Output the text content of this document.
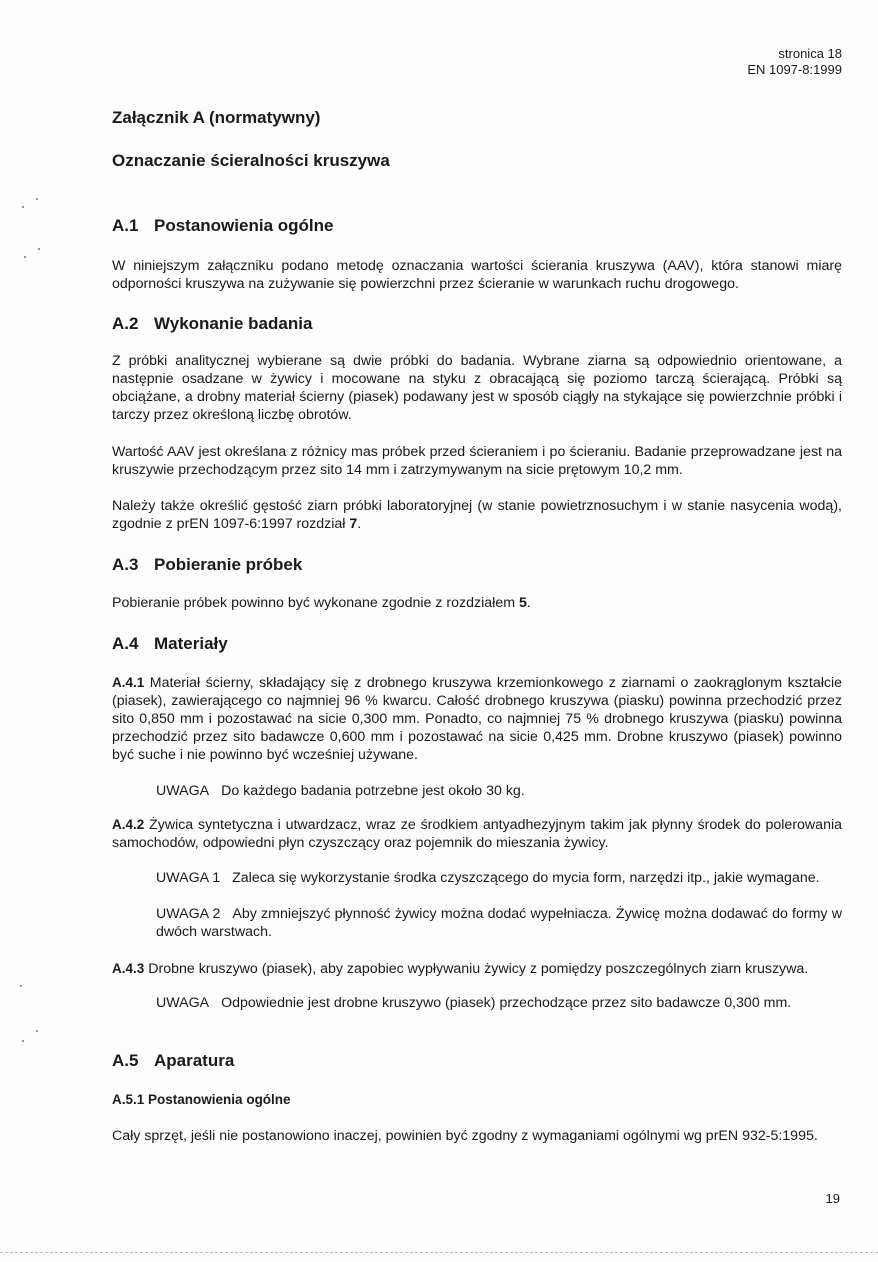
stronica 18
EN 1097-8:1999
Załącznik A (normatywny)
Oznaczanie ścieralności kruszywa
A.1 Postanowienia ogólne
W niniejszym załączniku podano metodę oznaczania wartości ścierania kruszywa (AAV), która stanowi miarę odporności kruszywa na zużywanie się powierzchni przez ścieranie w warunkach ruchu drogowego.
A.2 Wykonanie badania
Z próbki analitycznej wybierane są dwie próbki do badania. Wybrane ziarna są odpowiednio orientowane, a następnie osadzane w żywicy i mocowane na styku z obracającą się poziomo tarczą ścierającą. Próbki są obciążane, a drobny materiał ścierny (piasek) podawany jest w sposób ciągły na stykające się powierzchnie próbki i tarczy przez określoną liczbę obrotów.
Wartość AAV jest określana z różnicy mas próbek przed ścieraniem i po ścieraniu. Badanie przeprowadzane jest na kruszywie przechodzącym przez sito 14 mm i zatrzymywanym na sicie prętowym 10,2 mm.
Należy także określić gęstość ziarn próbki laboratoryjnej (w stanie powietrznosuchym i w stanie nasycenia wodą), zgodnie z prEN 1097-6:1997 rozdział 7.
A.3 Pobieranie próbek
Pobieranie próbek powinno być wykonane zgodnie z rozdziałem 5.
A.4 Materiały
A.4.1 Materiał ścierny, składający się z drobnego kruszywa krzemionkowego z ziarnami o zaokrąglonym kształcie (piasek), zawierającego co najmniej 96 % kwarcu. Całość drobnego kruszywa (piasku) powinna przechodzić przez sito 0,850 mm i pozostawać na sicie 0,300 mm. Ponadto, co najmniej 75 % drobnego kruszywa (piasku) powinna przechodzić przez sito badawcze 0,600 mm i pozostawać na sicie 0,425 mm. Drobne kruszywo (piasek) powinno być suche i nie powinno być wcześniej używane.
UWAGA Do każdego badania potrzebne jest około 30 kg.
A.4.2 Żywica syntetyczna i utwardzacz, wraz ze środkiem antyadhezyjnym takim jak płynny środek do polerowania samochodów, odpowiedni płyn czyszczący oraz pojemnik do mieszania żywicy.
UWAGA 1 Zaleca się wykorzystanie środka czyszczącego do mycia form, narzędzi itp., jakie wymagane.
UWAGA 2 Aby zmniejszyć płynność żywicy można dodać wypełniacza. Żywicę można dodawać do formy w dwóch warstwach.
A.4.3 Drobne kruszywo (piasek), aby zapobiec wypływaniu żywicy z pomiędzy poszczególnych ziarn kruszywa.
UWAGA Odpowiednie jest drobne kruszywo (piasek) przechodzące przez sito badawcze 0,300 mm.
A.5 Aparatura
A.5.1 Postanowienia ogólne
Cały sprzęt, jeśli nie postanowiono inaczej, powinien być zgodny z wymaganiami ogólnymi wg prEN 932-5:1995.
19
